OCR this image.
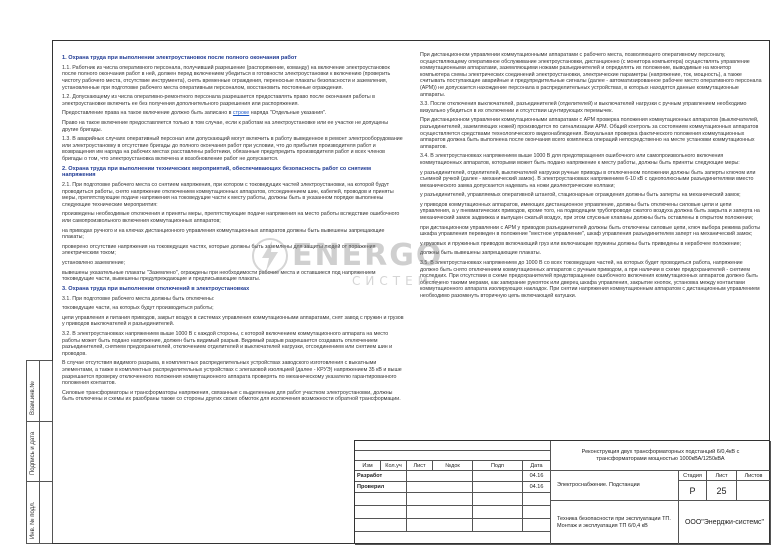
Взам.инв.№
Подпись и дата
Инв. № подл.
1. Охрана труда при выполнении электроустановок после полного окончания работ

1.1. Работник из числа оперативного персонала, получивший разрешение (распоряжение, команду) на включение электроустановок после полного окончания работ в ней, должен перед включением убедиться в готовности электроустановки к включению (проверить чистоту рабочего места, отсутствие инструмента), снять временные ограждения, переносные плакаты безопасности и заземления, установленные при подготовке рабочего места оперативным персоналом, восстановить постоянные ограждения.

1.2. Допускающему из числа оперативно-ремонтного персонала разрешается предоставлять право после окончания работы в электроустановке включить ее без получения дополнительного разрешения или распоряжения.

Предоставление права на такое включение должно быть записано в строке наряда "Отдельные указания".

Право на такое включение предоставляется только в том случае, если к работам на электроустановке или ее участке не допущены другие бригады.

1.3. В аварийных случаях оперативный персонал или допускающий могут включить в работу выведенное в ремонт электрооборудование или электроустановку в отсутствие бригады до полного окончания работ при условии, что до прибытия производителя работ и возвращения им наряда на рабочих местах расставлены работники, обязанные предупредить производителя работ и всех членов бригады о том, что электроустановка включена и возобновление работ не допускается.

2. Охрана труда при выполнении технических мероприятий, обеспечивающих безопасность работ со снятием напряжения

2.1. При подготовке рабочего места со снятием напряжения, при котором с токоведущих частей электроустановки, на которой будут проводиться работы, снято напряжение отключением коммутационных аппаратов, отсоединением шин, кабелей, проводов и приняты меры, препятствующие подаче напряжения на токоведущие части к месту работы, должны быть в указанном порядке выполнены следующие технические мероприятия:

произведены необходимые отключения и приняты меры, препятствующие подаче напряжения на место работы вследствие ошибочного или самопроизвольного включения коммутационных аппаратов;

на приводах ручного и на ключах дистанционного управления коммутационных аппаратов должны быть вывешены запрещающие плакаты;

проверено отсутствие напряжения на токоведущих частях, которые должны быть заземлены для защиты людей от поражения электрическим током;

установлено заземление;

вывешены указательные плакаты "Заземлено", ограждены при необходимости рабочие места и оставшиеся под напряжением токоведущие части, вывешены предупреждающие и предписывающие плакаты.

3. Охрана труда при выполнении отключений в электроустановках

3.1. При подготовке рабочего места должны быть отключены:

токоведущие части, на которых будут производиться работы;

цепи управления и питания приводов, закрыт воздух в системах управления коммутационными аппаратами, снят завод с пружин и грузов у приводов выключателей и разъединителей.

3.2. В электроустановках напряжением выше 1000 В с каждой стороны, с которой включением коммутационного аппарата на место работы может быть подано напряжение, должен быть видимый разрыв. Видимый разрыв разрешается создавать отключением разъединителей, снятием предохранителей, отключением отделителей и выключателей нагрузки, отсоединением или снятием шин и проводов.

В случае отсутствия видимого разрыва, в комплектных распределительных устройствах заводского изготовления с выкатными элементами, а также в комплектных распределительных устройствах с элегазовой изоляцией (далее - КРУЭ) напряжением 35 кВ и выше разрешается проверку отключенного положения коммутационного аппарата проверять по механическому указателю гарантированного положения контактов.

Силовые трансформаторы и трансформаторы напряжения, связанные с выделенным для работ участком электроустановки, должны быть отключены и схемы их разобраны также со стороны других своих обмоток для исключения возможности обратной трансформации.

При дистанционном управлении коммутационными аппаратами с рабочего места, позволяющего оперативному персоналу, осуществляющему оперативное обслуживание электроустановки, дистанционно (с монитора компьютера) осуществлять управление коммутационными аппаратами, заземляющими ножами разъединителей и определять их положение, выводимые на монитор компьютера схемы электрических соединений электроустановки, электрические параметры (напряжение, ток, мощность), а также считывать поступающие аварийные и предупредительные сигналы (далее - автоматизированное рабочее место оперативного персонала (АРМ)) не допускается нахождение персонала в распределительных устройствах, в которых находятся данные коммутационные аппараты.

3.3. После отключения выключателей, разъединителей (отделителей) и выключателей нагрузки с ручным управлением необходимо визуально убедиться в их отключении и отсутствии шунтирующих перемычек.

При дистанционном управлении коммутационными аппаратами с АРМ проверка положения коммутационных аппаратов (выключателей, разъединителей, заземляющих ножей) производится по сигнализации АРМ. Общий контроль за состоянием коммутационных аппаратов осуществляется средствами технологического видеонаблюдения. Визуальная проверка фактического положения коммутационных аппаратов должна быть выполнена после окончания всего комплекса операций непосредственно на месте установки коммутационных аппаратов.

3.4. В электроустановках напряжением выше 1000 В для предотвращения ошибочного или самопроизвольного включения коммутационных аппаратов, которыми может быть подано напряжение к месту работы, должны быть приняты следующие меры:

у разъединителей, отделителей, выключателей нагрузки ручные приводы в отключенном положении должны быть заперты ключом или съемной ручкой (далее - механический замок). В электроустановках напряжением 6-10 кВ с однополюсными разъединителями вместо механического замка допускается надевать на ножи диэлектрические колпаки;

у разъединителей, управляемых оперативной штангой, стационарные ограждения должны быть заперты на механический замок;

у приводов коммутационных аппаратов, имеющих дистанционное управление, должны быть отключены силовые цепи и цепи управления, а у пневматических приводов, кроме того, на подводящем трубопроводе сжатого воздуха должна быть закрыта и заперта на механический замок задвижка и выпущен сжатый воздух, при этом спускные клапаны должны быть оставлены в открытом положении;

при дистанционном управлении с АРМ у приводов разъединителей должны быть отключены силовые цепи, ключ выбора режима работы шкафа управления переведен в положение "местное управление", шкаф управления разъединителем заперт на механический замок;

у грузовых и пружинных приводов включающий груз или включающие пружины должны быть приведены в нерабочее положение;

должны быть вывешены запрещающие плакаты.

3.5. В электроустановках напряжением до 1000 В со всех токоведущих частей, на которых будет проводиться работа, напряжение должно быть снято отключением коммутационных аппаратов с ручным приводом, а при наличии в схеме предохранителей - снятием последних. При отсутствии в схеме предохранителей предотвращение ошибочного включения коммутационных аппаратов должно быть обеспечено такими мерами, как запирание рукояток или дверец шкафа управления, закрытие кнопок, установка между контактами коммутационного аппарата изолирующих накладок. При снятии напряжения коммутационным аппаратом с дистанционным управлением необходимо разомкнуть вторичную цепь включающей катушки.

ENERGO
СИСТЕМС
Изм	Кол.уч	Лист	№док	Подп	Дата
Разработ	04.16
Проверил	04.16
Реконструкция двух трансформаторных подстанций 6/0,4кВ с трансформаторами мощностью 1000кВА/1250кВА
Электроснабжение. Подстанции
Стадия	Лист	Листов
Р	25
Техника безопасности при эксплуатации ТП. Монтаж и эксплуатация ТП 6/0,4 кВ	ООО"Энерджи-системс"
